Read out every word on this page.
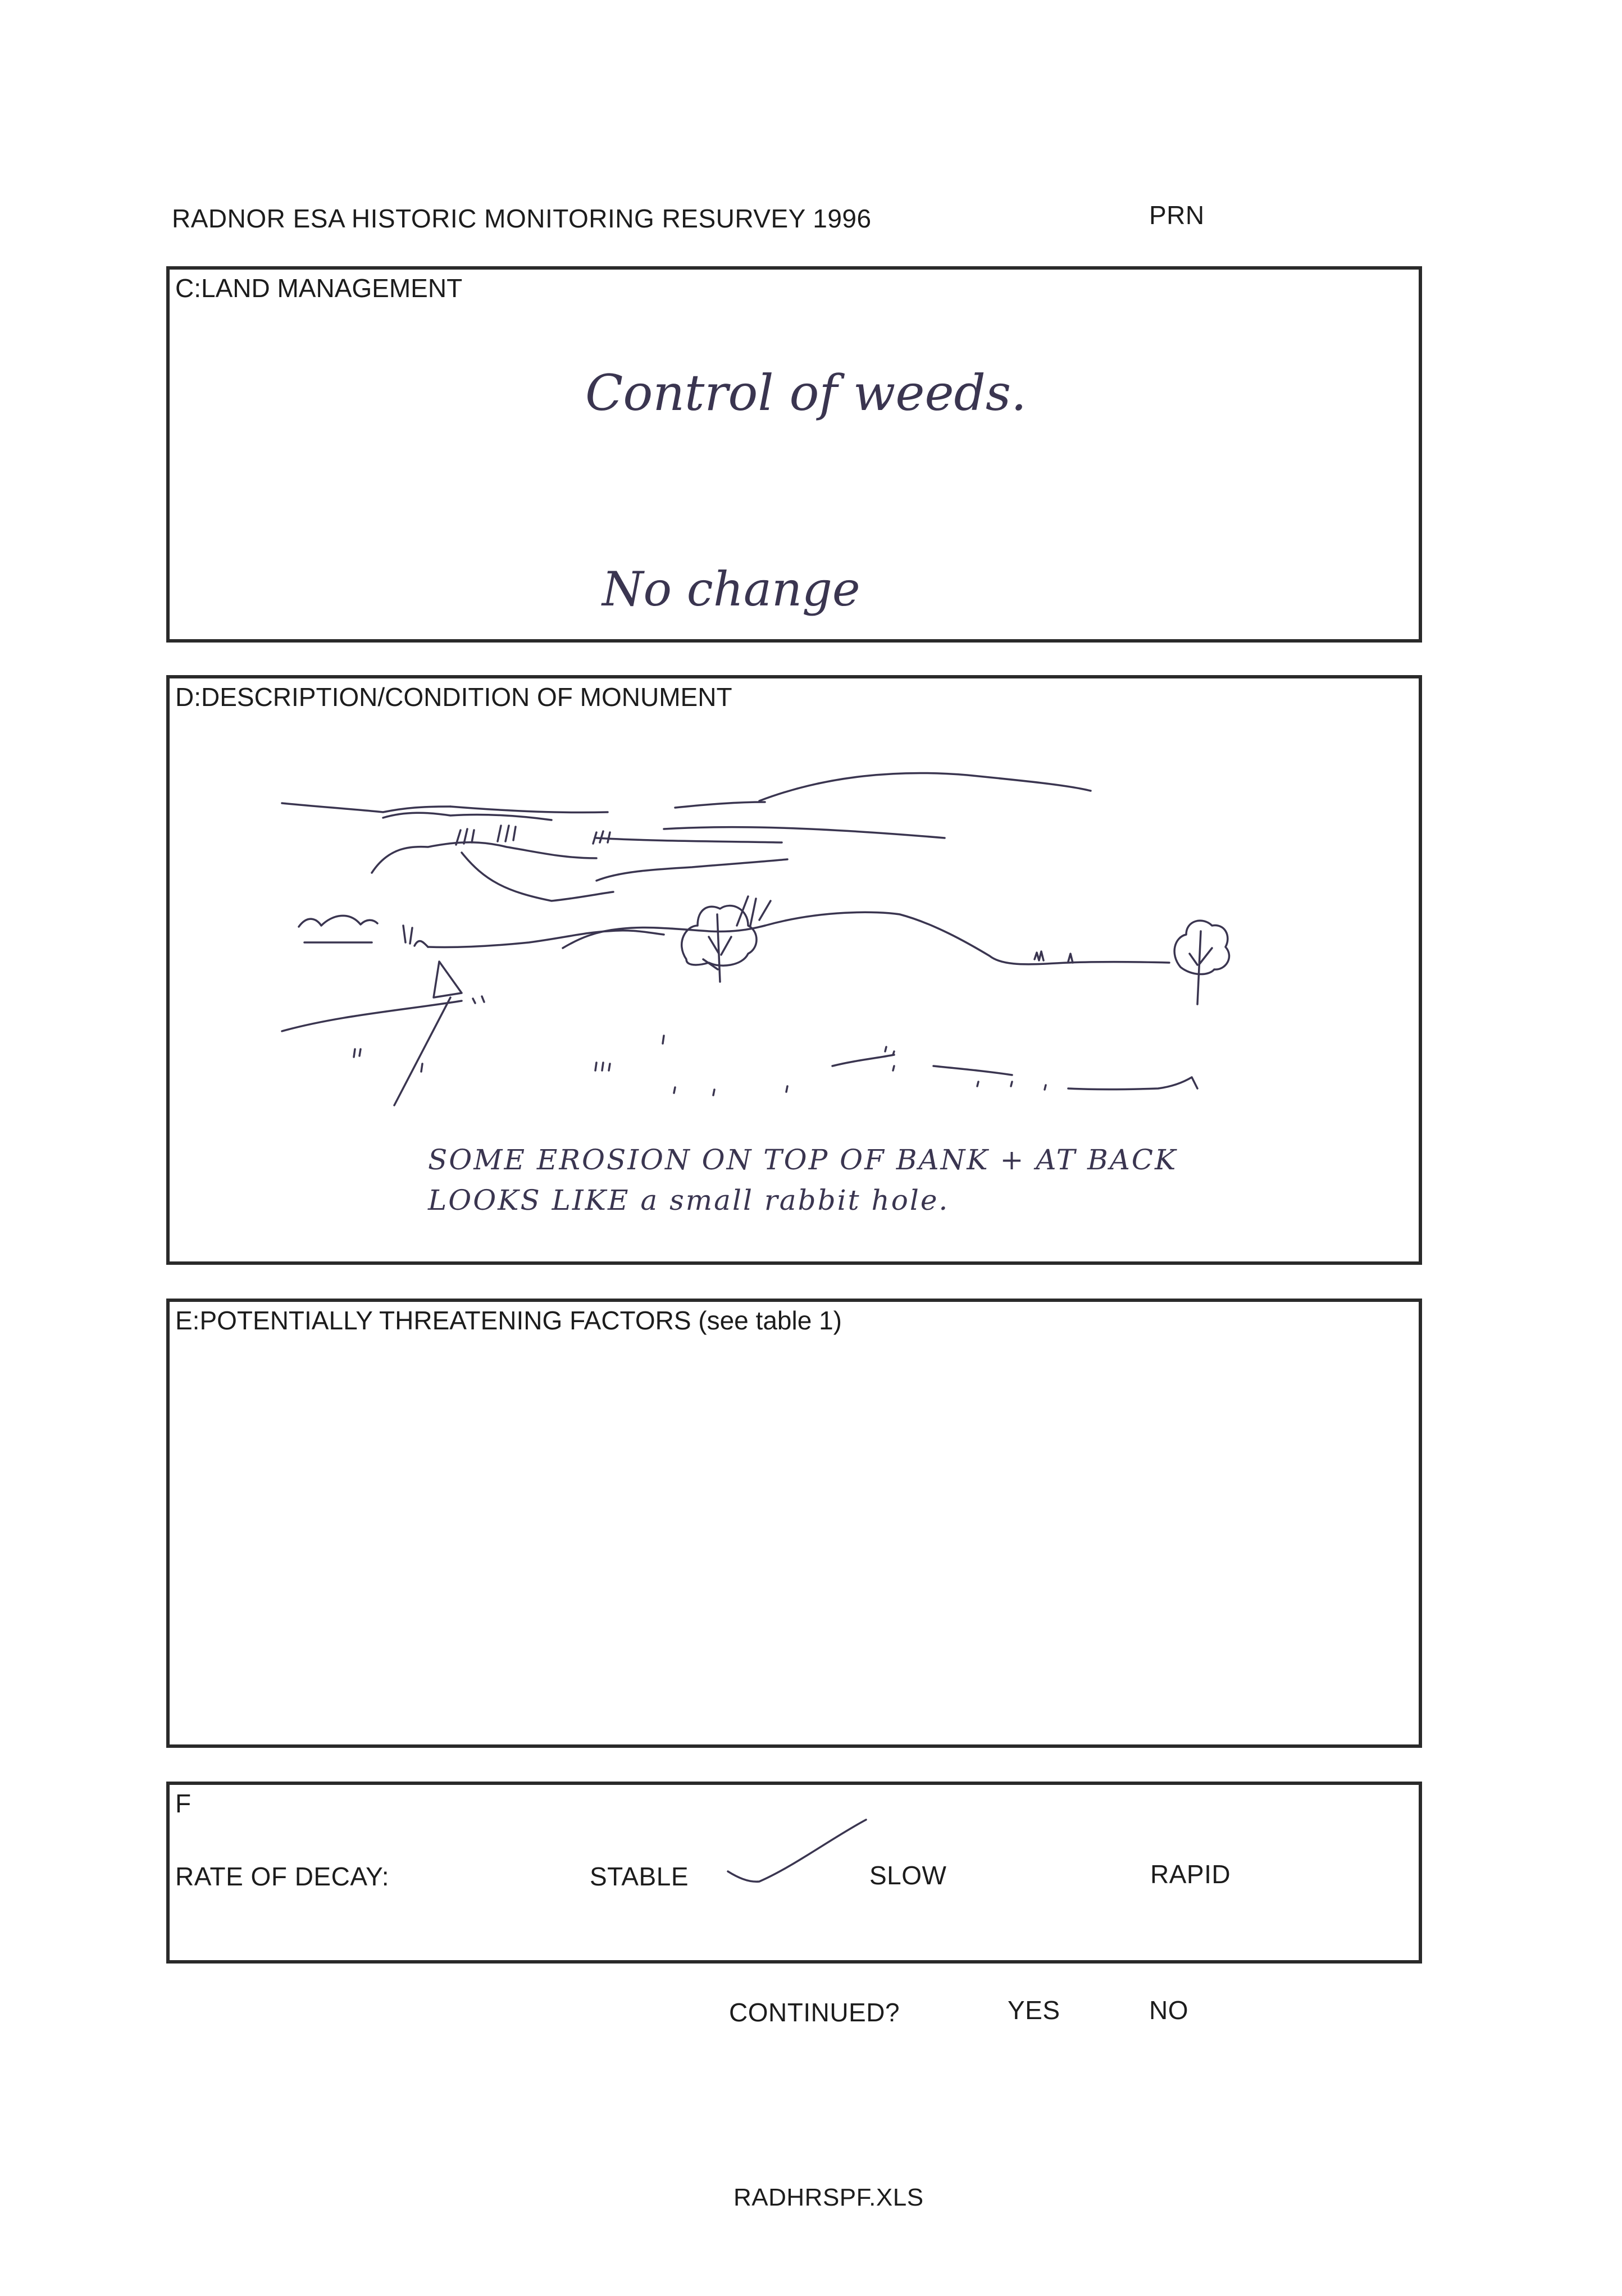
RADNOR ESA HISTORIC MONITORING RESURVEY 1996	PRN
C:LAND MANAGEMENT
Control of weeds.
No change
D:DESCRIPTION/CONDITION OF MONUMENT
SOME EROSION ON TOP OF BANK + AT BACK
LOOKS LIKE a small rabbit hole.
E:POTENTIALLY THREATENING FACTORS (see table 1)
F
RATE OF DECAY:	STABLE	SLOW	RAPID
CONTINUED?	YES	NO
RADHRSPF.XLS
